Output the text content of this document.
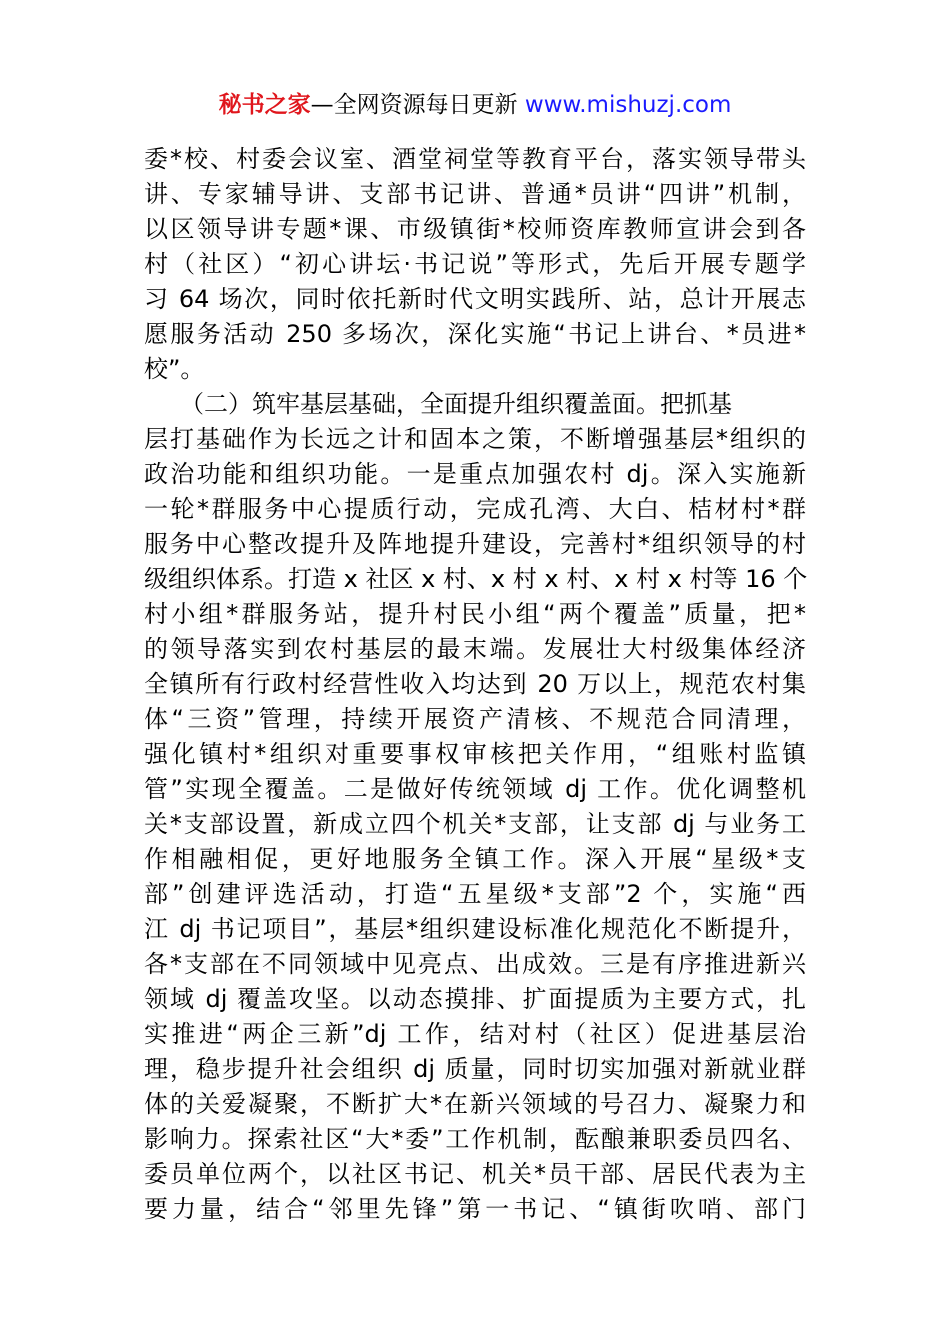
秘书之家—全网资源每日更新 www.mishuzj.com
委*校、村委会议室、酒堂祠堂等教育平台，落实领导带头
讲、专家辅导讲、支部书记讲、普通*员讲“四讲”机制，
以区领导讲专题*课、市级镇街*校师资库教师宣讲会到各
村（社区）“初心讲坛·书记说”等形式，先后开展专题学
习 64 场次，同时依托新时代文明实践所、站，总计开展志
愿服务活动 250 多场次，深化实施“书记上讲台、*员进*
校”。
　　（二）筑牢基层基础，全面提升组织覆盖面。把抓基
层打基础作为长远之计和固本之策，不断增强基层*组织的
政治功能和组织功能。一是重点加强农村 dj。深入实施新
一轮*群服务中心提质行动，完成孔湾、大白、桔材村*群
服务中心整改提升及阵地提升建设，完善村*组织领导的村
级组织体系。打造 x 社区 x 村、x 村 x 村、x 村 x 村等 16 个
村小组*群服务站，提升村民小组“两个覆盖”质量，把*
的领导落实到农村基层的最末端。发展壮大村级集体经济
全镇所有行政村经营性收入均达到 20 万以上，规范农村集
体“三资”管理，持续开展资产清核、不规范合同清理，
强化镇村*组织对重要事权审核把关作用，“组账村监镇
管”实现全覆盖。二是做好传统领域 dj 工作。优化调整机
关*支部设置，新成立四个机关*支部，让支部 dj 与业务工
作相融相促，更好地服务全镇工作。深入开展“星级*支
部”创建评选活动，打造“五星级*支部”2 个，实施“西
江 dj 书记项目”，基层*组织建设标准化规范化不断提升，
各*支部在不同领域中见亮点、出成效。三是有序推进新兴
领域 dj 覆盖攻坚。以动态摸排、扩面提质为主要方式，扎
实推进“两企三新”dj 工作，结对村（社区）促进基层治
理，稳步提升社会组织 dj 质量，同时切实加强对新就业群
体的关爱凝聚，不断扩大*在新兴领域的号召力、凝聚力和
影响力。探索社区“大*委”工作机制，酝酿兼职委员四名、
委员单位两个，以社区书记、机关*员干部、居民代表为主
要力量，结合“邻里先锋”第一书记、“镇街吹哨、部门
